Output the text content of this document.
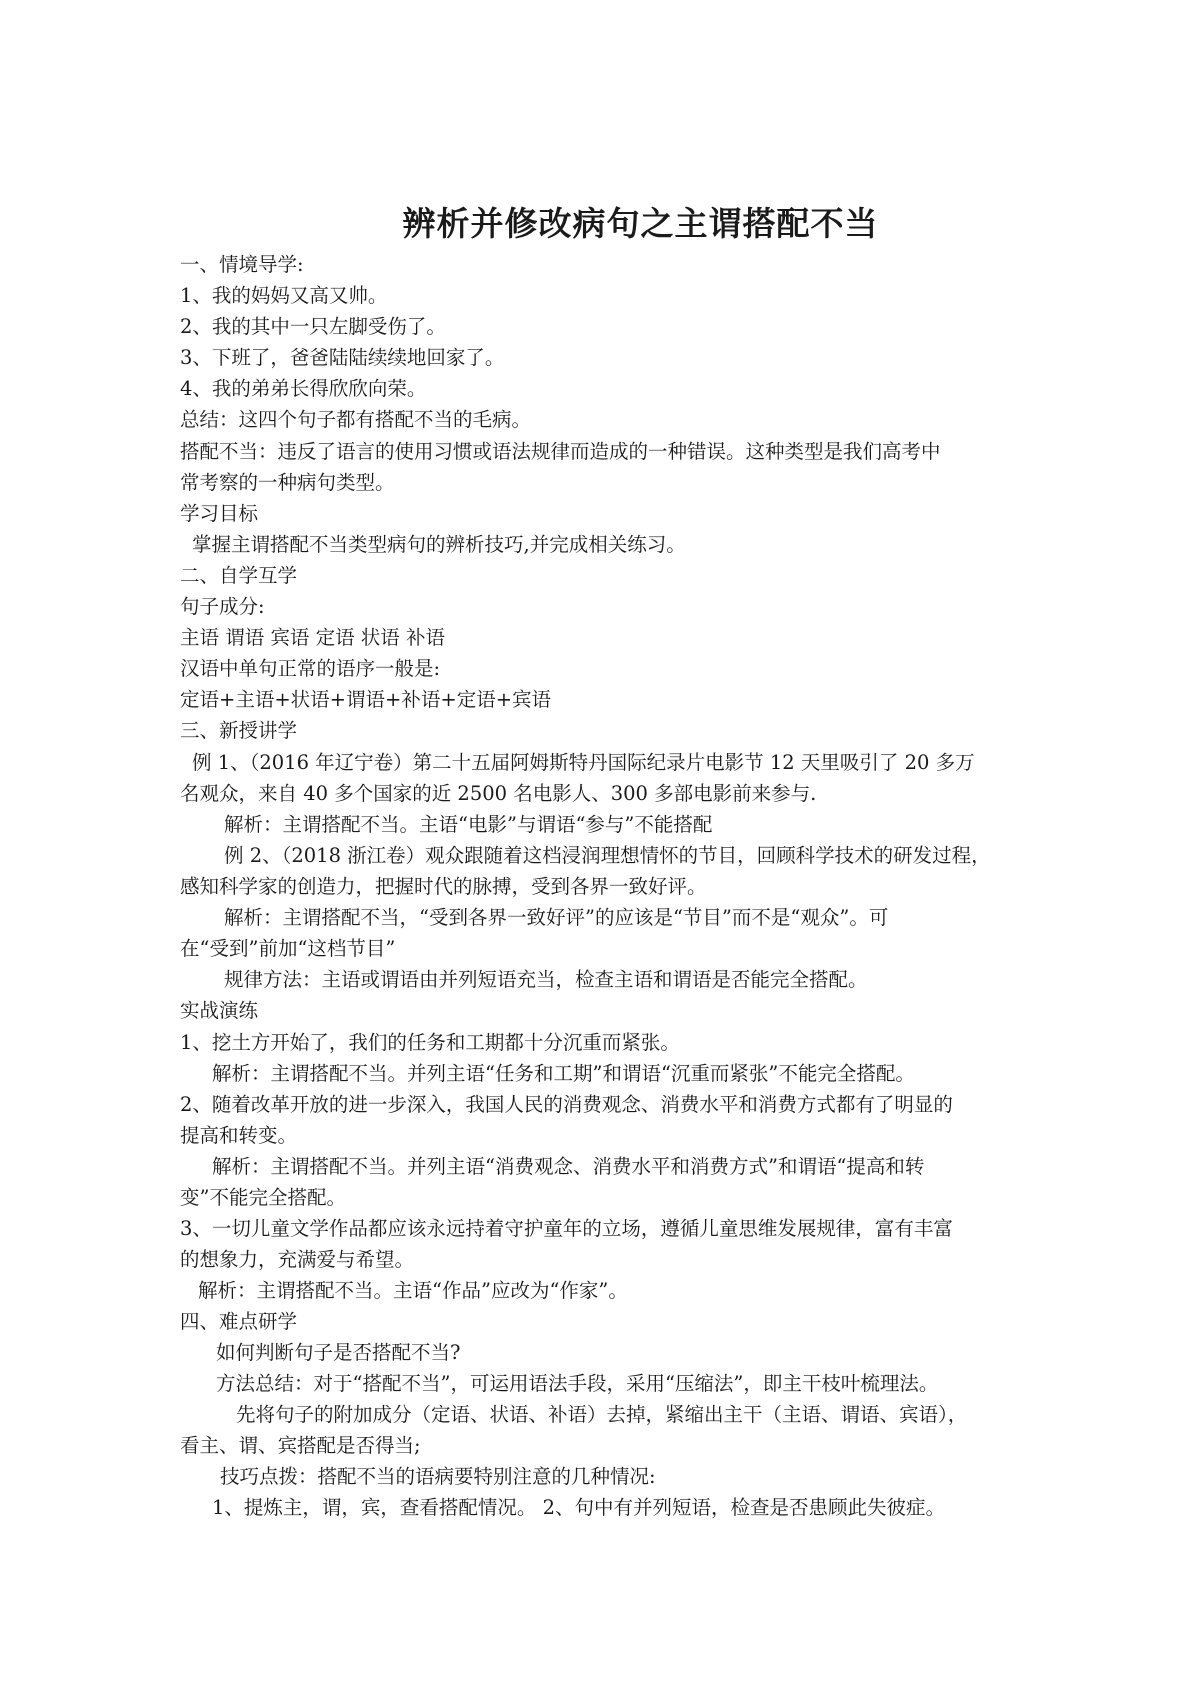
辨析并修改病句之主谓搭配不当
一、情境导学:
1、我的妈妈又高又帅。
2、我的其中一只左脚受伤了。
3、下班了，爸爸陆陆续续地回家了。
4、我的弟弟长得欣欣向荣。
总结：这四个句子都有搭配不当的毛病。
搭配不当：违反了语言的使用习惯或语法规律而造成的一种错误。这种类型是我们高考中
常考察的一种病句类型。
学习目标
掌握主谓搭配不当类型病句的辨析技巧,并完成相关练习。
二、自学互学
句子成分:
主语 谓语 宾语 定语 状语 补语
汉语中单句正常的语序一般是:
定语+主语+状语+谓语+补语+定语+宾语
三、新授讲学
例 1、（2016 年辽宁卷）第二十五届阿姆斯特丹国际纪录片电影节 12 天里吸引了 20 多万
名观众，来自 40 多个国家的近 2500 名电影人、300 多部电影前来参与.
解析：主谓搭配不当。主语“电影”与谓语“参与”不能搭配
例 2、（2018 浙江卷）观众跟随着这档浸润理想情怀的节目，回顾科学技术的研发过程，
感知科学家的创造力，把握时代的脉搏，受到各界一致好评。
解析：主谓搭配不当，“受到各界一致好评”的应该是“节目”而不是“观众”。可
在“受到”前加“这档节目”
规律方法：主语或谓语由并列短语充当，检查主语和谓语是否能完全搭配。
实战演练
1、挖土方开始了，我们的任务和工期都十分沉重而紧张。
解析：主谓搭配不当。并列主语“任务和工期”和谓语“沉重而紧张”不能完全搭配。
2、随着改革开放的进一步深入，我国人民的消费观念、消费水平和消费方式都有了明显的
提高和转变。
解析：主谓搭配不当。并列主语“消费观念、消费水平和消费方式”和谓语“提高和转
变”不能完全搭配。
3、一切儿童文学作品都应该永远持着守护童年的立场，遵循儿童思维发展规律，富有丰富
的想象力，充满爱与希望。
解析：主谓搭配不当。主语“作品”应改为“作家”。
四、难点研学
如何判断句子是否搭配不当?
方法总结：对于“搭配不当”，可运用语法手段，采用“压缩法”，即主干枝叶梳理法。
先将句子的附加成分（定语、状语、补语）去掉，紧缩出主干（主语、谓语、宾语），
看主、谓、宾搭配是否得当;
技巧点拨：搭配不当的语病要特别注意的几种情况:
1、提炼主，谓，宾，查看搭配情况。 2、句中有并列短语，检查是否患顾此失彼症。
